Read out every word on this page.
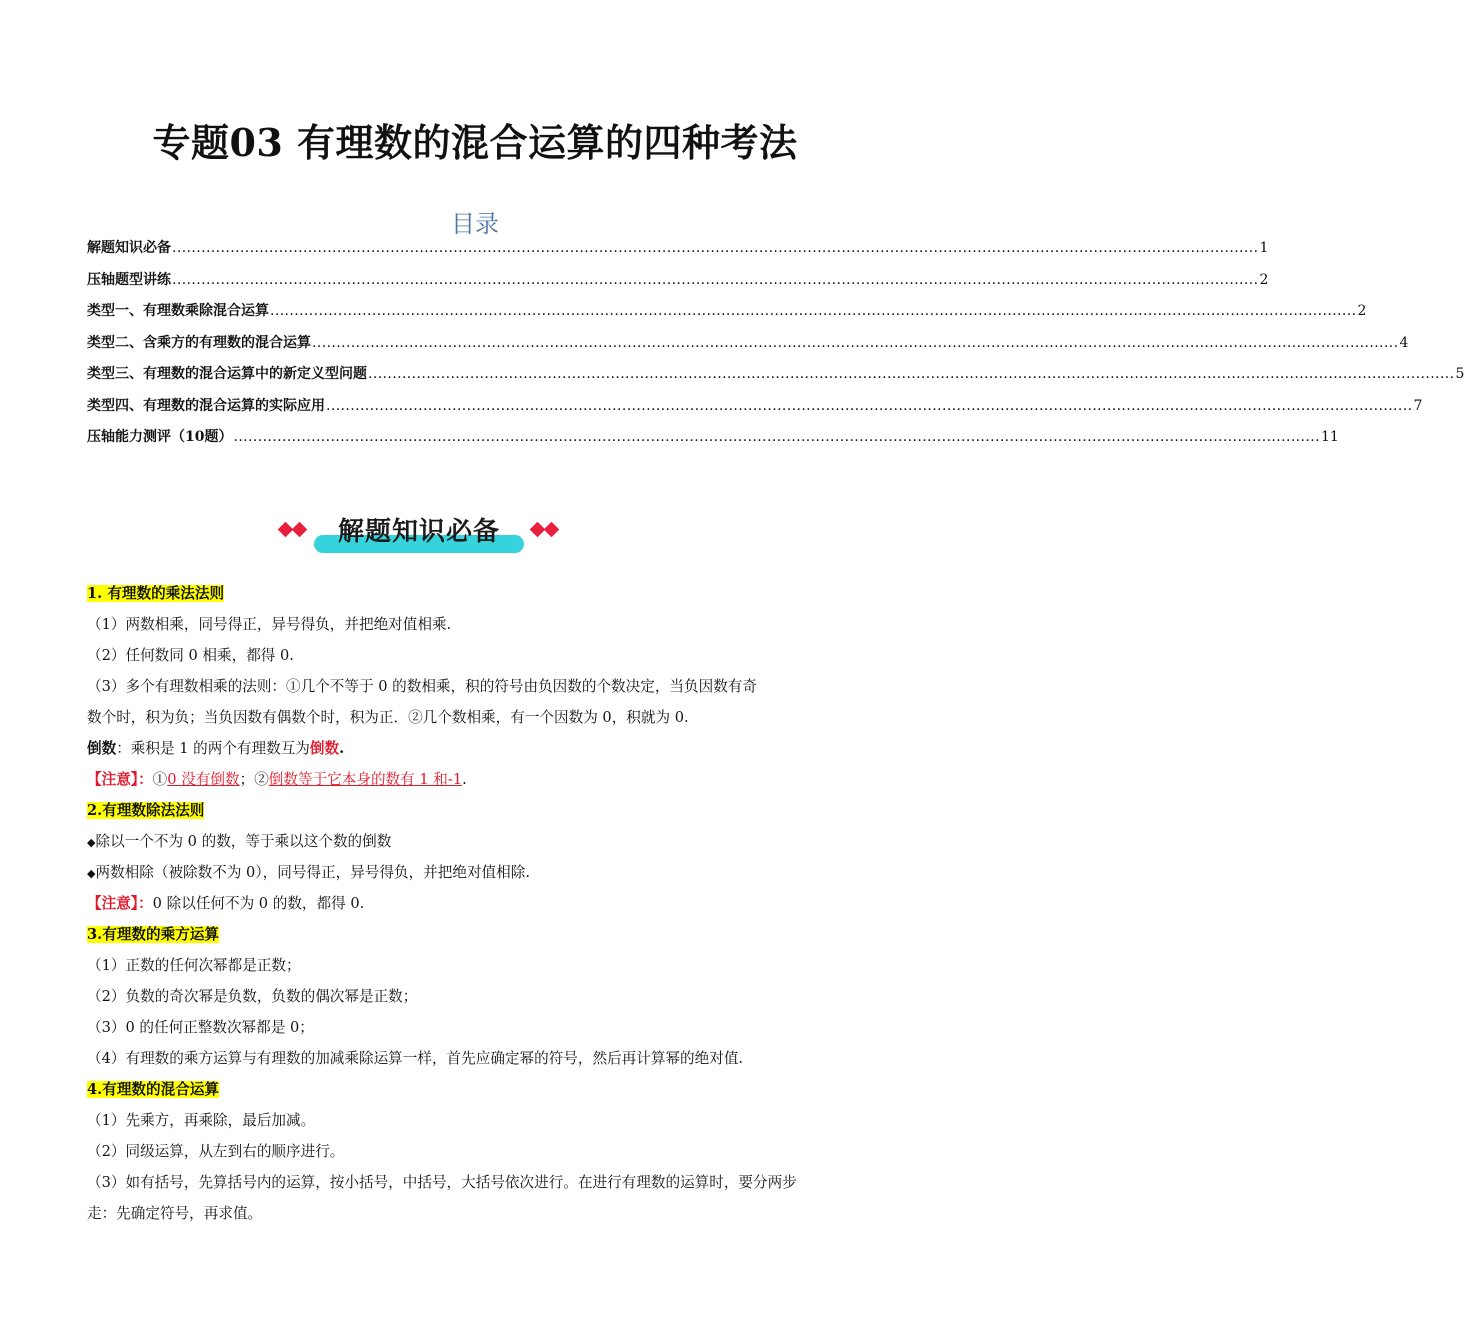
专题03 有理数的混合运算的四种考法
目录
解题知识必备 ................................................................................................................................................................................................................................ 1
压轴题型讲练 ................................................................................................................................................................................................................................ 2
类型一、有理数乘除混合运算 ................................................................................................................................................................................................................................ 2
类型二、含乘方的有理数的混合运算 ................................................................................................................................................................................................................................ 4
类型三、有理数的混合运算中的新定义型问题 ................................................................................................................................................................................................................................ 5
类型四、有理数的混合运算的实际应用 ................................................................................................................................................................................................................................ 7
压轴能力测评（10题） ................................................................................................................................................................................................................................ 11
解题知识必备
1. 有理数的乘法法则
（1）两数相乘，同号得正，异号得负，并把绝对值相乘.
（2）任何数同 0 相乘，都得 0.
（3）多个有理数相乘的法则：①几个不等于 0 的数相乘，积的符号由负因数的个数决定，当负因数有奇
数个时，积为负；当负因数有偶数个时，积为正．②几个数相乘，有一个因数为 0，积就为 0.
倒数：乘积是 1 的两个有理数互为倒数.
【注意】：①0 没有倒数；②倒数等于它本身的数有 1 和-1.
2.有理数除法法则
◆除以一个不为 0 的数，等于乘以这个数的倒数
◆两数相除（被除数不为 0），同号得正，异号得负，并把绝对值相除.
【注意】：0 除以任何不为 0 的数，都得 0.
3.有理数的乘方运算
（1）正数的任何次幂都是正数；
（2）负数的奇次幂是负数，负数的偶次幂是正数；
（3）0 的任何正整数次幂都是 0；
（4）有理数的乘方运算与有理数的加减乘除运算一样，首先应确定幂的符号，然后再计算幂的绝对值.
4.有理数的混合运算
（1）先乘方，再乘除，最后加减。
（2）同级运算，从左到右的顺序进行。
（3）如有括号，先算括号内的运算，按小括号，中括号，大括号依次进行。在进行有理数的运算时，要分两步
走：先确定符号，再求值。
